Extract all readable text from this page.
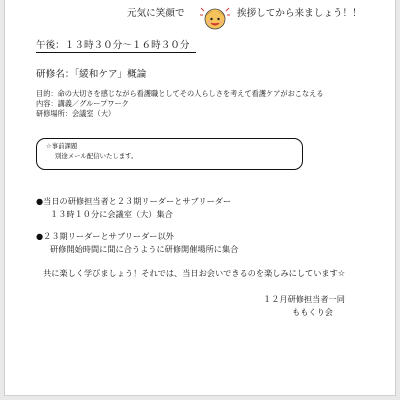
元気に笑顔で	挨拶してから来ましょう！！
午後：１３時３０分～１６時３０分
研修名：「緩和ケア」概論
目的：命の大切さを感じながら看護職としてその人らしさを考えて看護ケアがおこなえる
内容：講義／グループワーク
研修場所：会議室（大）
☆事前課題
別途メール配信いたします。
●当日の研修担当者と２３期リーダーとサブリーダー
１３時１０分に会議室（大）集合
●２３期リーダーとサブリーダー以外
研修開始時間に間に合うように研修開催場所に集合
共に楽しく学びましょう！それでは、当日お会いできるのを楽しみにしています☆
１２月研修担当者一同
ももくり会
